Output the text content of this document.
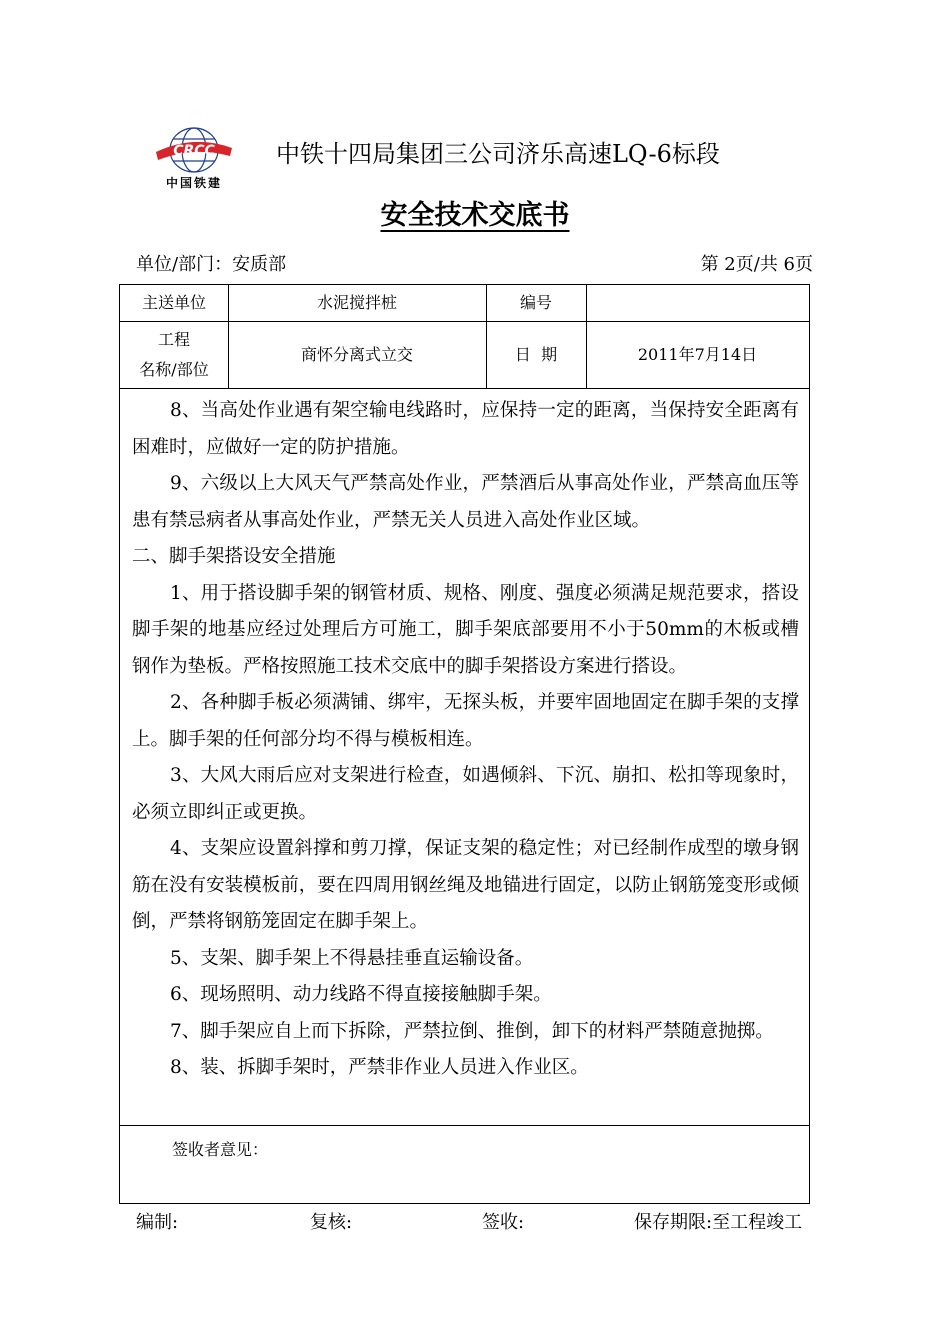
CRCC
中国铁建
中铁十四局集团三公司济乐高速LQ-6标段
安全技术交底书
单位/部门：安质部	第 2页/共 6页
主送单位	水泥搅拌桩	编号
工程
名称/部位
商怀分离式立交	日  期	2011年7月14日

8、当高处作业遇有架空输电线路时，应保持一定的距离，当保持安全距离有困难时，应做好一定的防护措施。

9、六级以上大风天气严禁高处作业，严禁酒后从事高处作业，严禁高血压等患有禁忌病者从事高处作业，严禁无关人员进入高处作业区域。

二、脚手架搭设安全措施

1、用于搭设脚手架的钢管材质、规格、刚度、强度必须满足规范要求，搭设脚手架的地基应经过处理后方可施工，脚手架底部要用不小于50mm的木板或槽钢作为垫板。严格按照施工技术交底中的脚手架搭设方案进行搭设。

2、各种脚手板必须满铺、绑牢，无探头板，并要牢固地固定在脚手架的支撑上。脚手架的任何部分均不得与模板相连。

3、大风大雨后应对支架进行检查，如遇倾斜、下沉、崩扣、松扣等现象时，必须立即纠正或更换。

4、支架应设置斜撑和剪刀撑，保证支架的稳定性；对已经制作成型的墩身钢筋在没有安装模板前，要在四周用钢丝绳及地锚进行固定，以防止钢筋笼变形或倾倒，严禁将钢筋笼固定在脚手架上。

5、支架、脚手架上不得悬挂垂直运输设备。

6、现场照明、动力线路不得直接接触脚手架。

7、脚手架应自上而下拆除，严禁拉倒、推倒，卸下的材料严禁随意抛掷。

8、装、拆脚手架时，严禁非作业人员进入作业区。

签收者意见：
编制:	复核:	签收:	保存期限:至工程竣工
